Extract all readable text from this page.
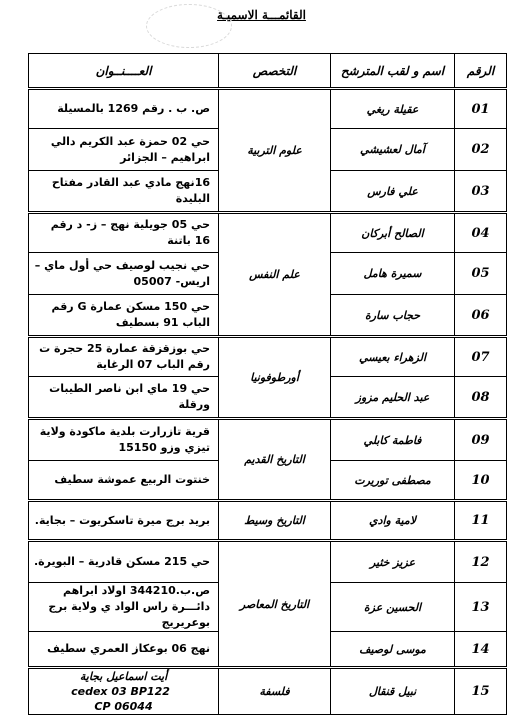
القائمـــة الاسميـة
الرقم	اسم و لقب المترشح	التخصص	العــــنــوان
01	عقيلة ريغي	علوم التربية	ص. ب . رقم 1269 بالمسيلة
02	آمال لعشيشي		حي 02 حمزة عبد الكريم دالي ابراهيم – الجزائر
03	علي فارس		16نهج مادي عبد القادر مفتاح البليدة
04	الصالح أبركان	علم النفس	حي 05 جويلية نهج – ز- د رقم 16 باتنة
05	سميرة هامل		حي نجيب لوصيف حي أول ماي – اريس- 05007
06	حجاب سارة		حي 150 مسكن عمارة G رقم الباب 91 بسطيف
07	الزهراء بعيسي	أورطوفونيا	حي بوزقزقة عمارة 25 حجرة ت رقم الباب 07 الرغاية
08	عبد الحليم مزوز		حي 19 ماي ابن ناصر الطيبات ورقلة
09	فاطمة كابلي	التاريخ القديم	قرية تازرارت بلدية ماكودة ولاية تيزي وزو 15150
10	مصطفى توريرت		خنتوت الربيع عموشة سطيف
11	لامية وادي	التاريخ وسيط	بريد برج ميرة تاسكريوت – بجاية.
12	عزيز خثير	التاريخ المعاصر	حي 215 مسكن قادرية – البويرة.
13	الحسين عزة		ص.ب.344210 اولاد ابراهم دائـــرة راس الواد ي ولاية برج بوعريريج
14	موسى لوصيف		نهج 06 بوعكاز العمري سطيف
15	نبيل قنقال	فلسفة	أيت اسماعيل بجاية cedex 03 BP122
CP 06044
